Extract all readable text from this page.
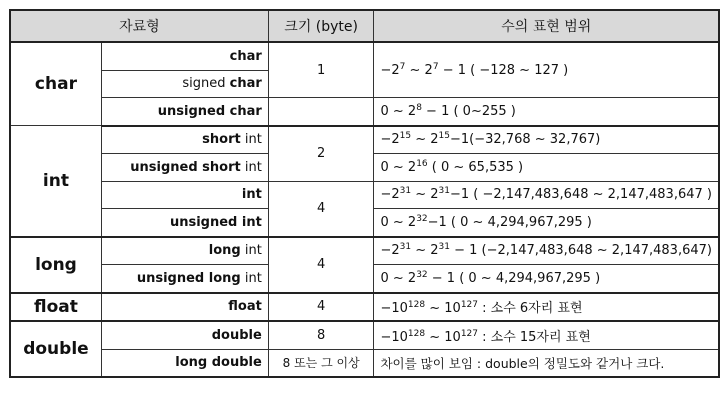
자료형		크기 (byte)	수의 표현 범위
char	char	1	$-2^7$ ~ $2^7 - 1$ ( −128 ~ 127 )
	signed char		
	unsigned char		0 ~ $2^8 - 1$ ( 0~255 )
int	short int	2	$-2^{15}$ ~ $2^{15}-1(-32,768$ ~ 32,767)
	unsigned short int		0 ~ $2^{16}$ ( 0 ~ 65,535 )
	int	4	$-2^{31}$ ~ $2^{31}-1$ ( −2,147,483,648 ~ 2,147,483,647 )
	unsigned int		0 ~ $2^{32}-1$ ( 0 ~ 4,294,967,295 )
long	long int	4	$-2^{31}$ ~ $2^{31} - 1$ (−2,147,483,648 ~ 2,147,483,647)
	unsigned long int		0 ~ $2^{32} - 1$ ( 0 ~ 4,294,967,295 )
float	float	4	$-10^{128}$ ~ $10^{127}$ : 소수 6자리 표현
double	double	8	$-10^{128}$ ~ $10^{127}$ : 소수 15자리 표현
	long double	8 또는 그 이상	차이를 많이 보임 : double의 정밀도와 같거나 크다.
